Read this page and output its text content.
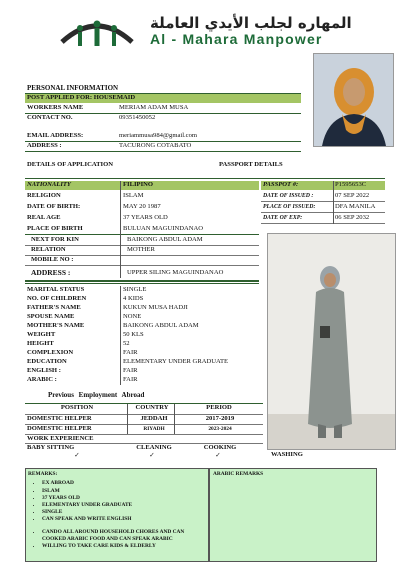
المهاره لجلب الأيدي العاملة
Al - Mahara Manpower
PERSONAL INFORMATION
POST APPLIED FOR: HOUSEMAID
WORKERS NAME	MERIAM ADAM MUSA
CONTACT NO.	09351450052
EMAIL ADDRESS:	meriammusa984@gmail.com
ADDRESS :	TACURONG COTABATO
DETAILS OF APPLICATION	PASSPORT DETAILS
NATIONALITY	FILIPINO
RELIGION	ISLAM
DATE OF BIRTH:	MAY 20 1987
REAL AGE	37 YEARS OLD
PLACE OF BIRTH	BULUAN MAGUINDANAO
NEXT FOR KIN	BAIKONG ABDUL ADAM
RELATION	MOTHER
MOBILE NO :
ADDRESS :	UPPER SILING MAGUINDANAO
PASSPOT #:	P1595653C
DATE OF ISSUED :	07 SEP 2022
PLACE OF ISSUED:	DFA MANILA
DATE OF EXP:	06 SEP 2032
MARITAL STATUS	SINGLE
NO. OF CHILDREN	4 KIDS
FATHER'S NAME	KUKUN MUSA HADJI
SPOUSE NAME	NONE
MOTHER'S NAME	BAIKONG ABDUL ADAM
WEIGHT	50 KLS
HEIGHT	52
COMPLEXION	FAIR
EDUCATION	ELEMENTARY UNDER GRADUATE
ENGLISH :	FAIR
ARABIC :	FAIR
Previous Employment Abroad
POSITION	COUNTRY	PERIOD
DOMESTIC HELPER	JEDDAH	2017-2019
DOMESTIC HELPER	RIYADH	2023-2024
WORK EXPERIENCE
BABY SITTING	CLEANING	COOKING
✓	✓	✓	WASHING
REMARKS:
• EX ABROAD
• ISLAM
• 37 YEARS OLD
• ELEMENTARY UNDER GRADUATE
• SINGLE
• CAN SPEAK AND WRITE ENGLISH
• CANDO ALL AROUND HOUSEHOLD CHORES AND CAN COOKED ARABIC FOOD AND CAN SPEAK ARABIC
• WILLING TO TAKE CARE KIDS & ELDERLY
ARABIC REMARKS
